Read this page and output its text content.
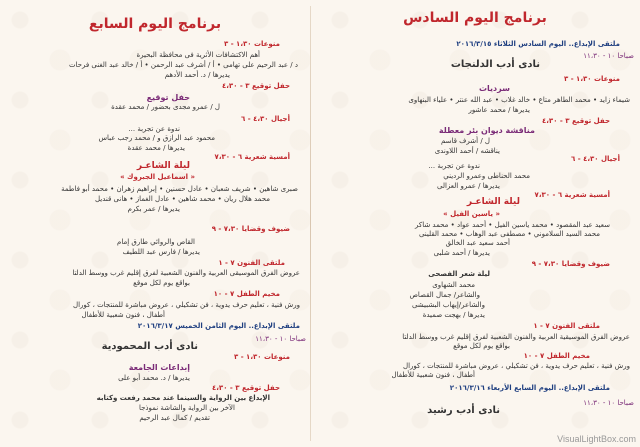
برنامج اليوم السادس
ملتقى الإبداع.. اليوم السادس الثلاثاء ٢٠١٦/٣/١٥
صباحا ١٠ - ١١،٣٠
نادى أدب الدلنجات
منوعات ١،٣٠ - ٣
سرديات
شيماء زايد • محمد الطاهر متاع • خالد غلاب • عبد الله عنتر • علياء البنهاوى
يديرها / محمد عاشور
حفل توقيع ٣ - ٤،٣٠
مناقشة ديوان بئر معطلة
ل / أشرف قاسم
يناقشه / أحمد اللاوندى
أجيال ٤،٣٠ - ٦
ندوة عن تجربة ...
محمد الحناطى وعمرو الرديني
يديرها / عمرو العزالى
أمسية شعرية ٦ - ٧،٣٠
ليلة الشاعـر
« ياسين الفيل »
سعيد عبد المقصود • محمد ياسين الفيل • أحمد عواد • محمد شاكر
محمد السيد السلاموني • مصطفى عبد الوهاب • محمد القلينى
أحمد سعيد عبد الخالق
يديرها / أحمد شلبى
ضيوف وقضايا ٧،٣٠ - ٩
ليلة شعر الفصحى
محمد الشهاوى
والشاعر/ جمال القصاص
والشاعر/إيهاب البشبيشى
يديرها / بهجت صميدة
ملتقى الفنون ٧ - ١
عروض الفرق الموسيقية العربية والفنون الشعبية لفرق إقليم غرب ووسط الدلتا
بواقع يوم لكل موقع
مخيم الطفل ٧ - ١٠
ورش فنية ، تعليم حرف يدوية ، فن تشكيلي ، عروض مباشرة للمنتجات ، كورال
أطفال ، فنون شعبية للأطفال
ملتقى الإبداع.. اليوم السابع الأربعاء ٢٠١٦/٣/١٦
صباحا ١٠ - ١١،٣٠
نادى أدب رشيد
برنامج اليوم السابع
منوعات ١،٣٠ - ٣
أهم الاكتشافات الأثرية فى محافظة البحيرة
د / عبد الرحيم على تهامى • أ / أشرف عبد الرحمن • أ / خالد عبد الغنى فرحات
يديرها / د. أحمد الأدهم
حفل توقيع ٣ - ٤،٣٠
حفل توقيع
ل / عمرو مجدى بحضور / محمد عقدة
أجيال ٤،٣٠ - ٦
ندوة عن تجربة ...
محمود عبد الرازق و / محمد رجب عباس
يديرها / محمد عقدة
أمسية شعرية ٦ - ٧،٣٠
ليلة الشاعـر
« اسماعيل الجبروك »
صبرى شاهين • شريف شعبان • عادل حسنين • إبراهيم زهران • محمد أبو فاطمة
محمد هلال ريان • محمد شاهين • عادل الغماز • هانى قنديل
يديرها / عمر بكرم
ضيوف وقضايا ٧،٣٠ - ٩
القاص والروائي طارق إمام
يديرها / فارس عبد اللطيف
ملتقى الفنون ٧ - ١
عروض الفرق الموسيقى العربية والفنون الشعبية لفرق إقليم غرب ووسط الدلتا
بواقع يوم لكل موقع
مخيم الطفل ٧ - ١٠
ورش فنية ، تعليم حرف يدوية ، فن تشكيلي ، عروض مباشرة للمنتجات ، كورال
أطفال ، فنون شعبية للأطفال
ملتقى الإبداع.. اليوم الثامن الخميس ٢٠١٦/٣/١٧
صباحا ١٠ - ١١،٣٠
نادى أدب المحمودية
منوعات ١،٣٠ - ٣
إبداعات الجامعة
يديرها / د. محمد أبو على
حفل توقيع ٣ - ٤،٣٠
الإبداع بين الرواية والسينما عند محمد رفعت وكتابه
الآخر بين الرواية والشاشة نموذجا
تقديم / كمال عبد الرحيم
VisualLightBox.com
